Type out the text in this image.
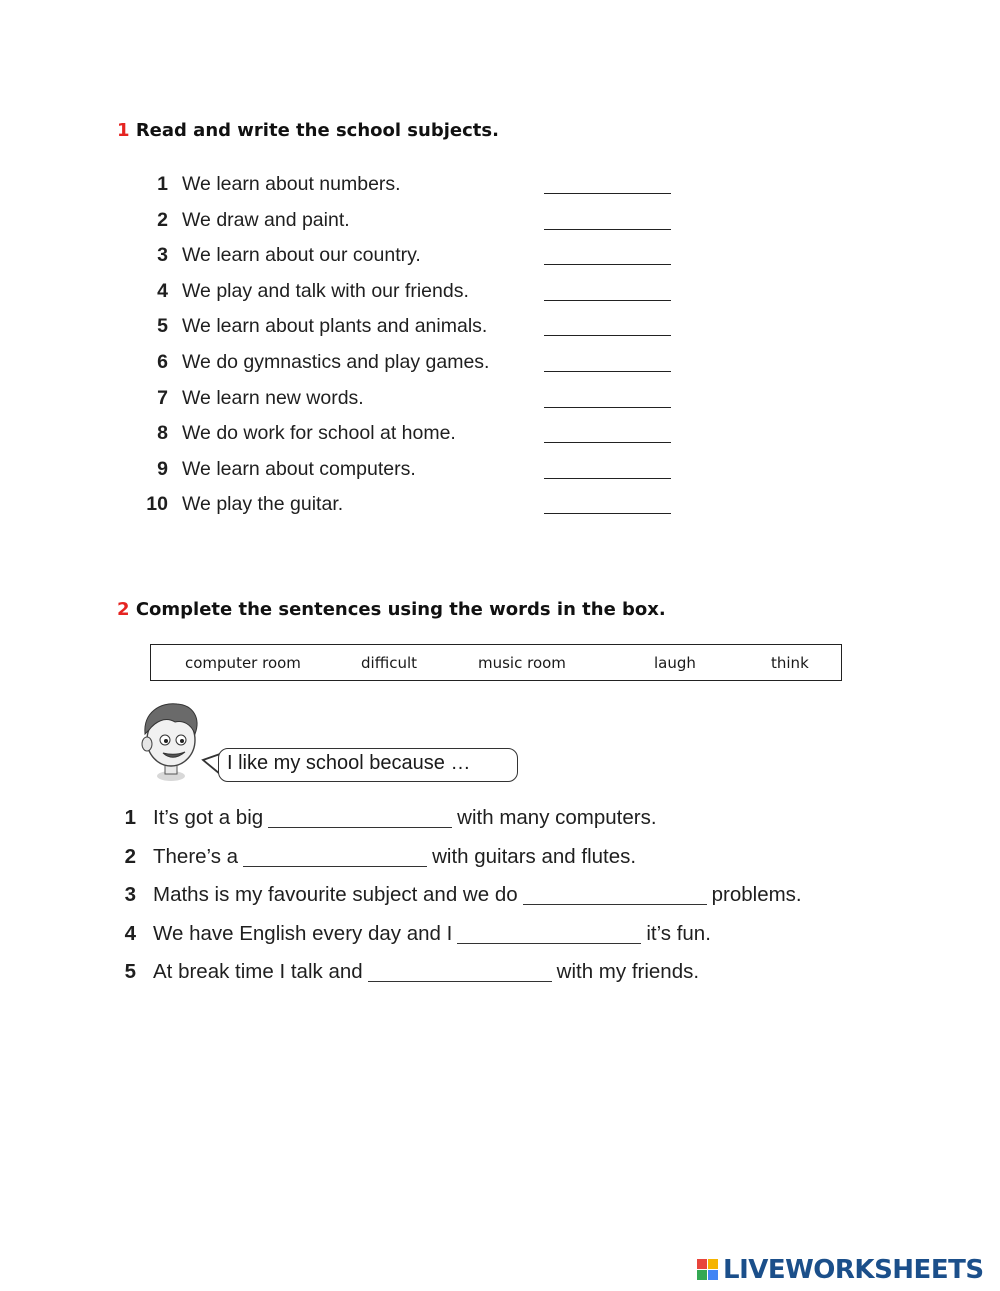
1 Read and write the school subjects.
1 We learn about numbers.
2 We draw and paint.
3 We learn about our country.
4 We play and talk with our friends.
5 We learn about plants and animals.
6 We do gymnastics and play games.
7 We learn new words.
8 We do work for school at home.
9 We learn about computers.
10 We play the guitar.
2 Complete the sentences using the words in the box.
computer room	difficult	music room	laugh	think
I like my school because …
1 It’s got a big	with many computers.
2 There’s a	with guitars and flutes.
3 Maths is my favourite subject and we do	problems.
4 We have English every day and I	it’s fun.
5 At break time I talk and	with my friends.
LIVEWORKSHEETS
